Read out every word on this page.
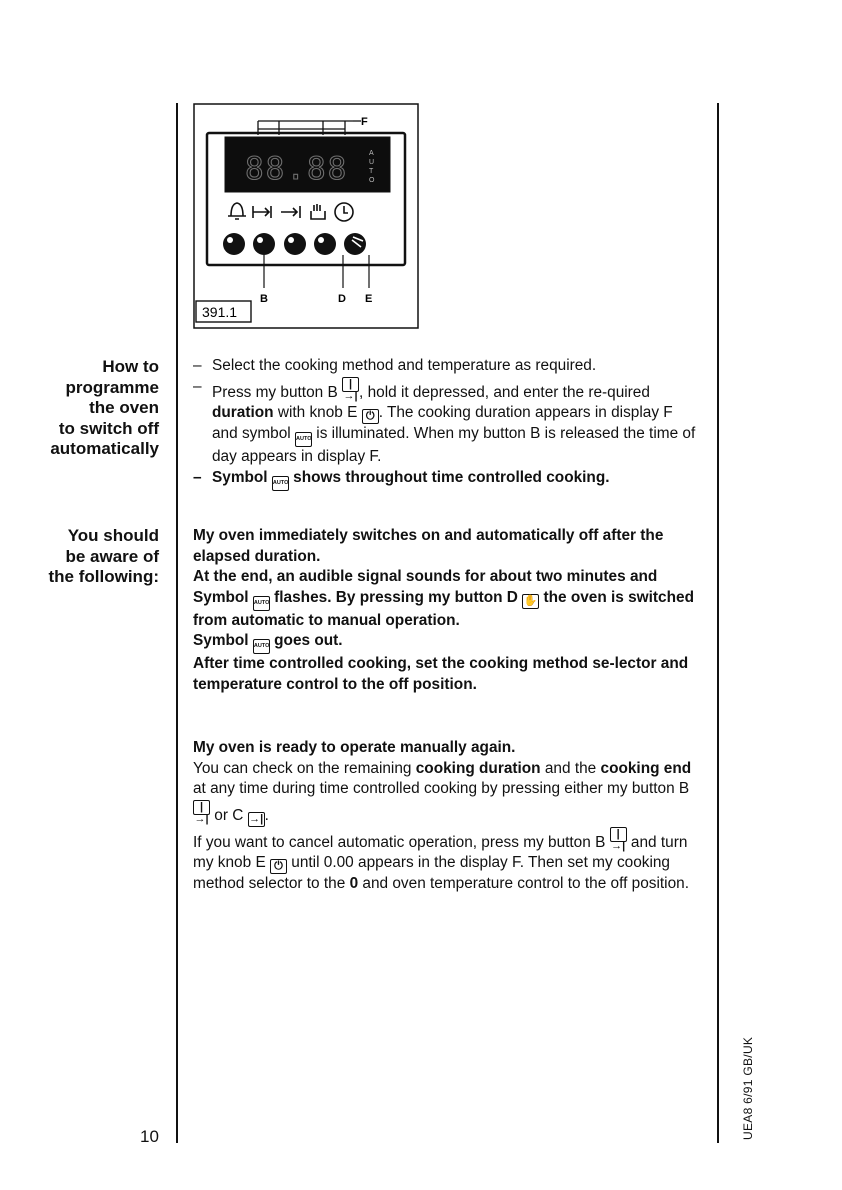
F
88.88	A
U
T
O
B	D E
391.1
How to
programme
the oven
to switch off
automatically
You should
be aware of
the following:

– Select the cooking method and temperature as required.

– Press my button B |→|, hold it depressed, and enter the re-quired duration with knob E ⏻ . The cooking duration appears in display F and symbol AUTO is illuminated. When my button B is released the time of day appears in display F.

– Symbol AUTO shows throughout time controlled cooking.

My oven immediately switches on and automatically off after the elapsed duration.

At the end, an audible signal sounds for about two minutes and Symbol AUTO flashes. By pressing my button D ✋ the oven is switched from automatic to manual operation.

Symbol AUTO goes out.

After time controlled cooking, set the cooking method se-lector and temperature control to the off position.

My oven is ready to operate manually again.

You can check on the remaining cooking duration and the cooking end at any time during time controlled cooking by pressing either my button B |→| or C →|.

If you want to cancel automatic operation, press my button B |→| and turn my knob E ⏻ until 0.00 appears in the display F. Then set my cooking method selector to the 0 and oven temperature control to the off position.

10	UEA8 6/91 GB/UK
